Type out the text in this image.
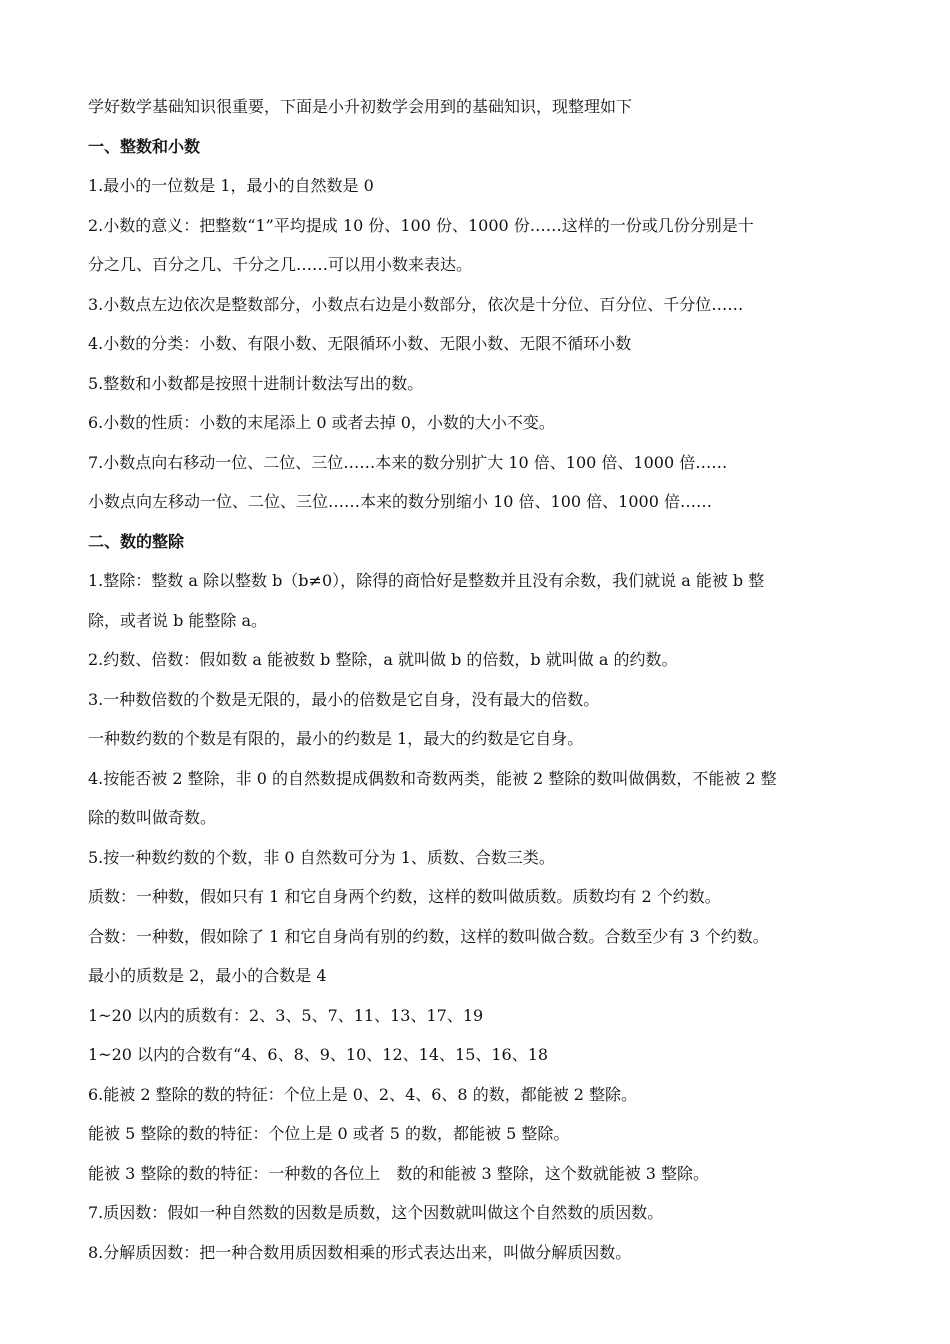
学好数学基础知识很重要，下面是小升初数学会用到的基础知识，现整理如下
一、整数和小数
1.最小的一位数是 1，最小的自然数是 0
2.小数的意义：把整数“1”平均提成 10 份、100 份、1000 份……这样的一份或几份分别是十
分之几、百分之几、千分之几……可以用小数来表达。
3.小数点左边依次是整数部分，小数点右边是小数部分，依次是十分位、百分位、千分位……
4.小数的分类：小数、有限小数、无限循环小数、无限小数、无限不循环小数
5.整数和小数都是按照十进制计数法写出的数。
6.小数的性质：小数的末尾添上 0 或者去掉 0，小数的大小不变。
7.小数点向右移动一位、二位、三位……本来的数分别扩大 10 倍、100 倍、1000 倍……
小数点向左移动一位、二位、三位……本来的数分别缩小 10 倍、100 倍、1000 倍……
二、数的整除
1.整除：整数 a 除以整数 b（b≠0），除得的商恰好是整数并且没有余数，我们就说 a 能被 b 整
除，或者说 b 能整除 a。
2.约数、倍数：假如数 a 能被数 b 整除，a 就叫做 b 的倍数，b 就叫做 a 的约数。
3.一种数倍数的个数是无限的，最小的倍数是它自身，没有最大的倍数。
一种数约数的个数是有限的，最小的约数是 1，最大的约数是它自身。
4.按能否被 2 整除，非 0 的自然数提成偶数和奇数两类，能被 2 整除的数叫做偶数，不能被 2 整
除的数叫做奇数。
5.按一种数约数的个数，非 0 自然数可分为 1、质数、合数三类。
质数：一种数，假如只有 1 和它自身两个约数，这样的数叫做质数。质数均有 2 个约数。
合数：一种数，假如除了 1 和它自身尚有别的约数，这样的数叫做合数。合数至少有 3 个约数。
最小的质数是 2，最小的合数是 4
1~20 以内的质数有：2、3、5、7、11、13、17、19
1~20 以内的合数有“4、6、8、9、10、12、14、15、16、18
6.能被 2 整除的数的特征：个位上是 0、2、4、6、8 的数，都能被 2 整除。
能被 5 整除的数的特征：个位上是 0 或者 5 的数，都能被 5 整除。
能被 3 整除的数的特征：一种数的各位上　数的和能被 3 整除，这个数就能被 3 整除。
7.质因数：假如一种自然数的因数是质数，这个因数就叫做这个自然数的质因数。
8.分解质因数：把一种合数用质因数相乘的形式表达出来，叫做分解质因数。
